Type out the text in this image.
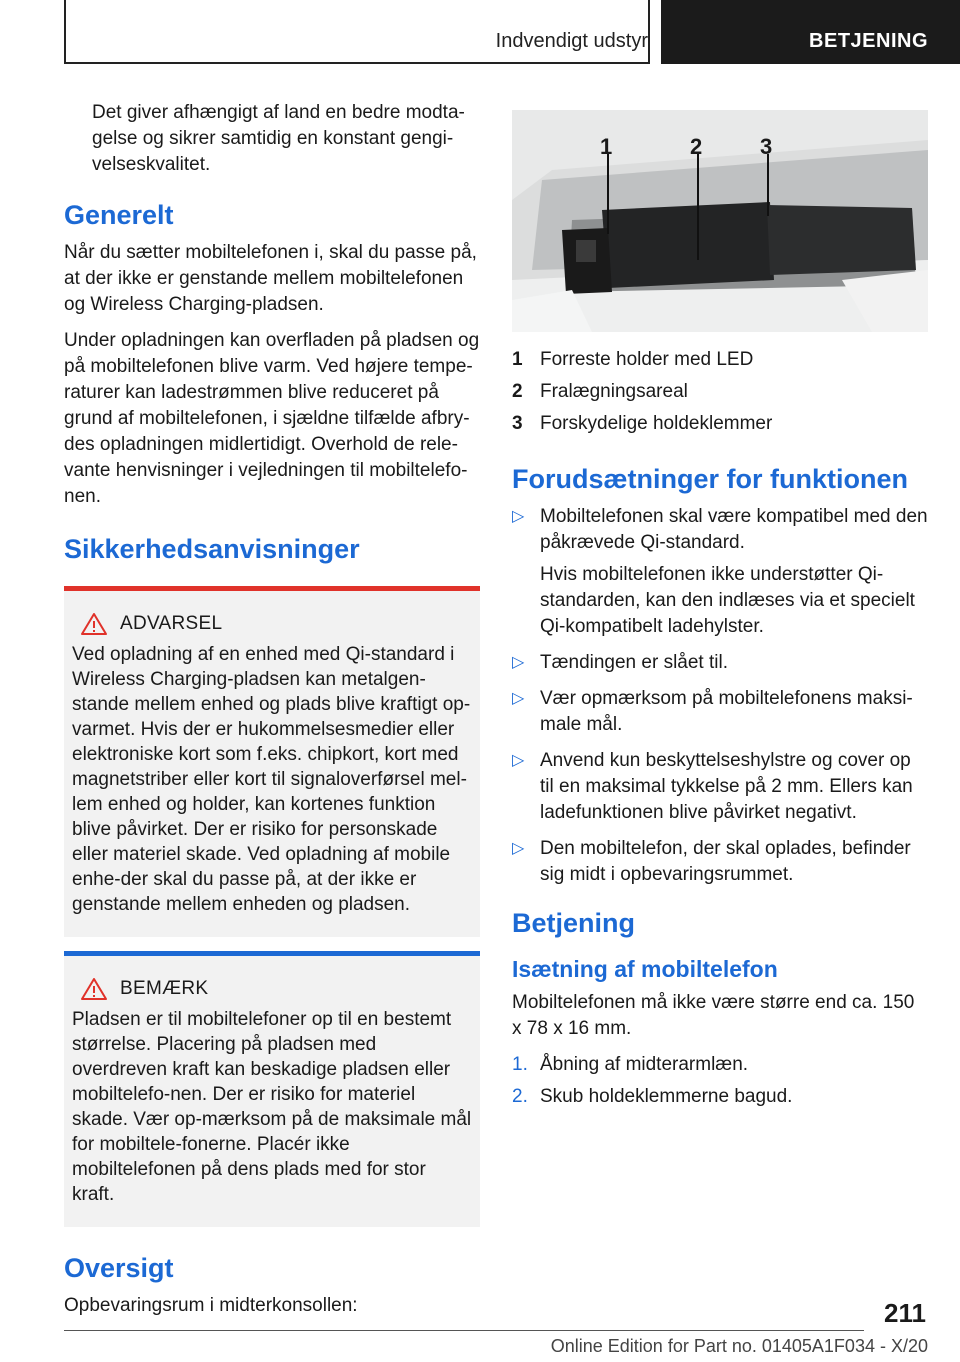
Indvendigt udstyr	BETJENING

Det giver afhængigt af land en bedre modta-gelse og sikrer samtidig en konstant gengi-velseskvalitet.

Generelt

Når du sætter mobiltelefonen i, skal du passe på, at der ikke er genstande mellem mobiltelefonen og Wireless Charging-pladsen.

Under opladningen kan overfladen på pladsen og på mobiltelefonen blive varm. Ved højere tempe-raturer kan ladestrømmen blive reduceret på grund af mobiltelefonen, i sjældne tilfælde afbry-des opladningen midlertidigt. Overhold de rele-vante henvisninger i vejledningen til mobiltelefo-nen.

Sikkerhedsanvisninger
ADVARSEL

Ved opladning af en enhed med Qi-standard i Wireless Charging-pladsen kan metalgen-stande mellem enhed og plads blive kraftigt op-varmet. Hvis der er hukommelsesmedier eller elektroniske kort som f.eks. chipkort, kort med magnetstriber eller kort til signaloverførsel mel-lem enhed og holder, kan kortenes funktion blive påvirket. Der er risiko for personskade eller materiel skade. Ved opladning af mobile enhe-der skal du passe på, at der ikke er genstande mellem enheden og pladsen.

BEMÆRK

Pladsen er til mobiltelefoner op til en bestemt størrelse. Placering på pladsen med overdreven kraft kan beskadige pladsen eller mobiltelefo-nen. Der er risiko for materiel skade. Vær op-mærksom på de maksimale mål for mobiltele-fonerne. Placér ikke mobiltelefonen på dens plads med for stor kraft.

Oversigt

Opbevaringsrum i midterkonsollen:

1	2	3
1 Forreste holder med LED
2 Fralægningsareal
3 Forskydelige holdeklemmer
Forudsætninger for funktionen
▷ Mobiltelefonen skal være kompatibel med den påkrævede Qi-standard.
Hvis mobiltelefonen ikke understøtter Qi-standarden, kan den indlæses via et specielt Qi-kompatibelt ladehylster.
▷ Tændingen er slået til.
▷ Vær opmærksom på mobiltelefonens maksi-male mål.
▷ Anvend kun beskyttelseshylstre og cover op til en maksimal tykkelse på 2 mm. Ellers kan ladefunktionen blive påvirket negativt.
▷ Den mobiltelefon, der skal oplades, befinder sig midt i opbevaringsrummet.
Betjening
Isætning af mobiltelefon

Mobiltelefonen må ikke være større end ca. 150 x 78 x 16 mm.

1. Åbning af midterarmlæn.
2. Skub holdeklemmerne bagud.
211
Online Edition for Part no. 01405A1F034 - X/20
